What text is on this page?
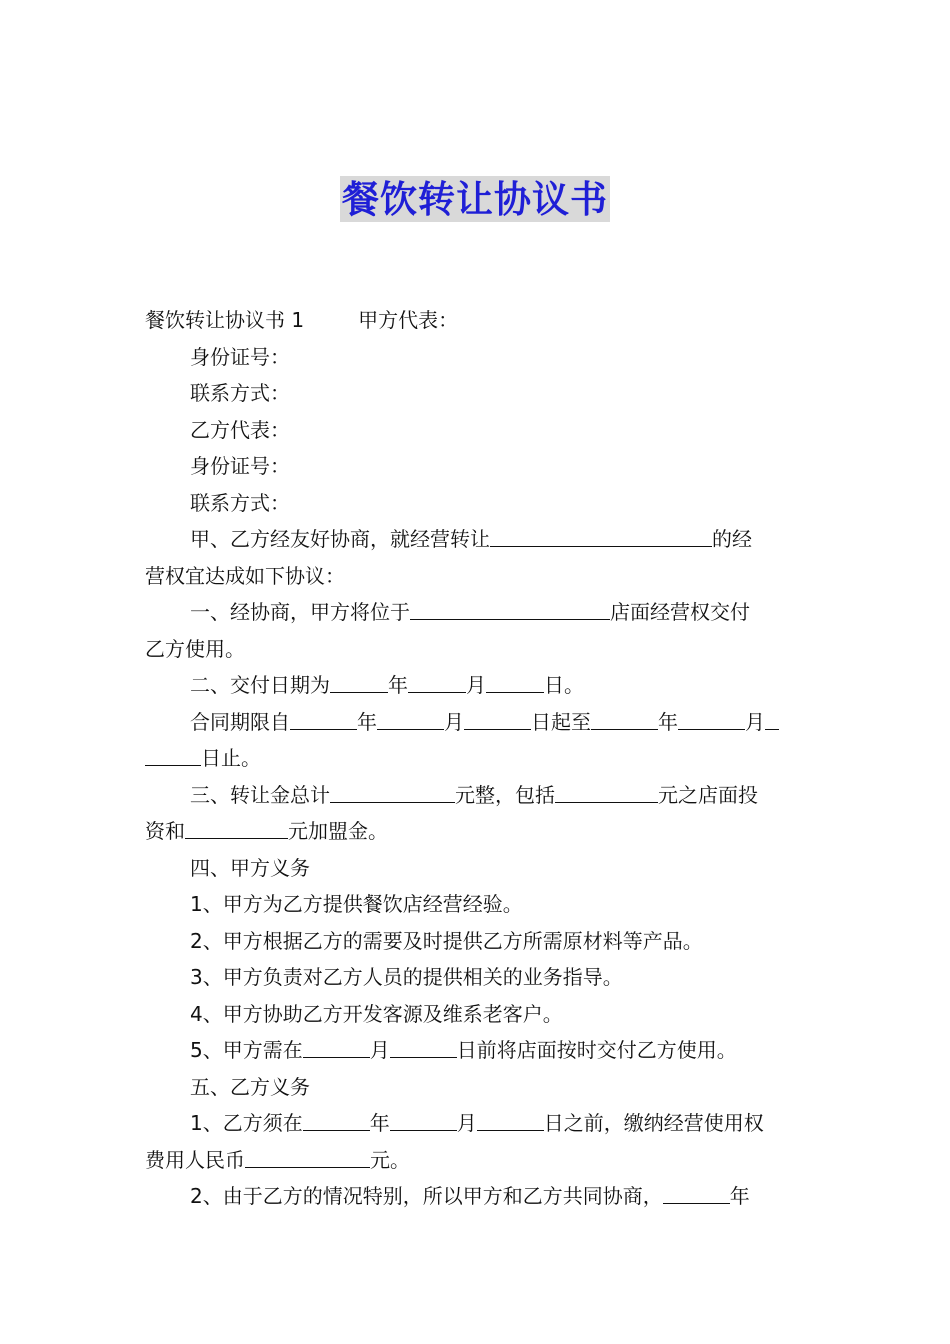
餐饮转让协议书
餐饮转让协议书 1	甲方代表：

身份证号：

联系方式：

乙方代表：

身份证号：

联系方式：

甲、乙方经友好协商，就经营转让	的经

营权宜达成如下协议：

一、经协商，甲方将位于	店面经营权交付

乙方使用。

二、交付日期为	年	月	日。

合同期限自	年	月	日起至	年	月

日止。

三、转让金总计	元整，包括	元之店面投

资和	元加盟金。

四、甲方义务

1、甲方为乙方提供餐饮店经营经验。

2、甲方根据乙方的需要及时提供乙方所需原材料等产品。

3、甲方负责对乙方人员的提供相关的业务指导。

4、甲方协助乙方开发客源及维系老客户。

5、甲方需在	月	日前将店面按时交付乙方使用。

五、乙方义务

1、乙方须在	年	月	日之前，缴纳经营使用权

费用人民币	元。

2、由于乙方的情况特别，所以甲方和乙方共同协商，	年
